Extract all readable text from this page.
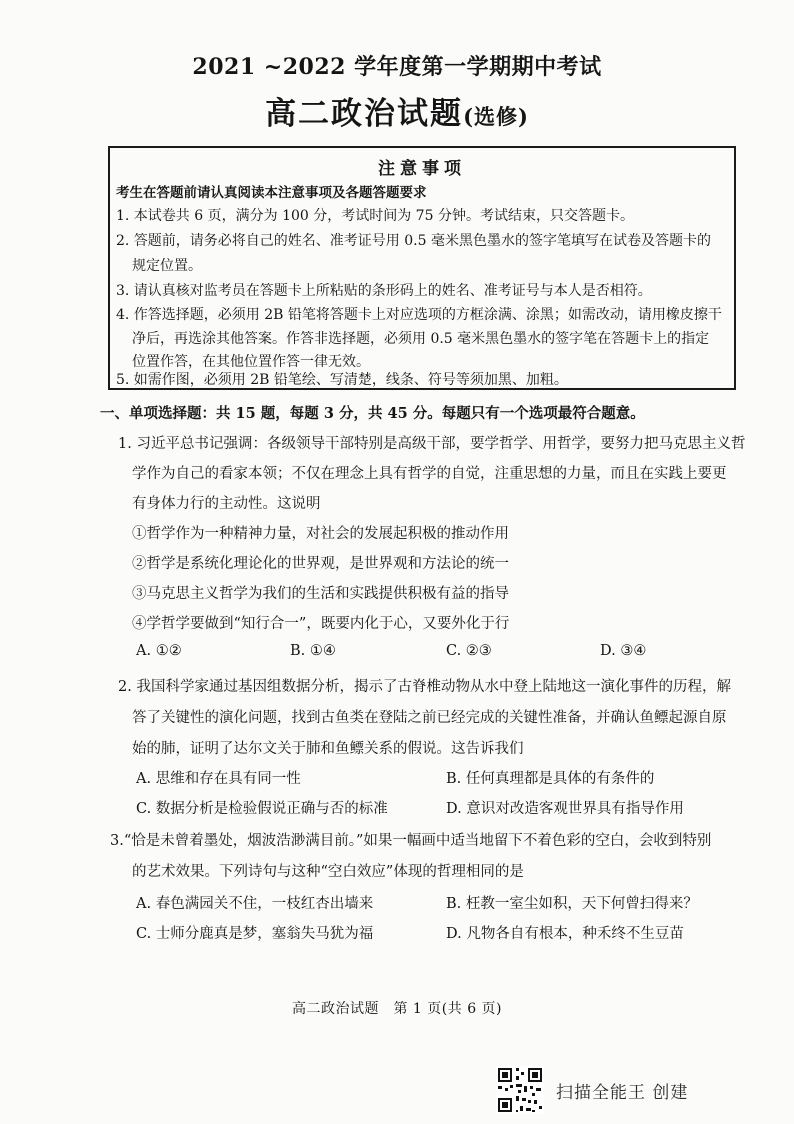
2021 ~2022 学年度第一学期期中考试
高二政治试题(选修)
注意事项
考生在答题前请认真阅读本注意事项及各题答题要求
1. 本试卷共 6 页，满分为 100 分，考试时间为 75 分钟。考试结束，只交答题卡。
2. 答题前，请务必将自己的姓名、准考证号用 0.5 毫米黑色墨水的签字笔填写在试卷及答题卡的
规定位置。
3. 请认真核对监考员在答题卡上所粘贴的条形码上的姓名、准考证号与本人是否相符。
4. 作答选择题，必须用 2B 铅笔将答题卡上对应选项的方框涂满、涂黑；如需改动，请用橡皮擦干
净后，再选涂其他答案。作答非选择题，必须用 0.5 毫米黑色墨水的签字笔在答题卡上的指定
位置作答，在其他位置作答一律无效。
5. 如需作图，必须用 2B 铅笔绘、写清楚，线条、符号等须加黑、加粗。
一、单项选择题：共 15 题，每题 3 分，共 45 分。每题只有一个选项最符合题意。
1. 习近平总书记强调：各级领导干部特别是高级干部，要学哲学、用哲学，要努力把马克思主义哲
学作为自己的看家本领；不仅在理念上具有哲学的自觉，注重思想的力量，而且在实践上要更
有身体力行的主动性。这说明
①哲学作为一种精神力量，对社会的发展起积极的推动作用
②哲学是系统化理论化的世界观，是世界观和方法论的统一
③马克思主义哲学为我们的生活和实践提供积极有益的指导
④学哲学要做到“知行合一”，既要内化于心，又要外化于行
A. ①②	B. ①④	C. ②③	D. ③④
2. 我国科学家通过基因组数据分析，揭示了古脊椎动物从水中登上陆地这一演化事件的历程，解
答了关键性的演化问题，找到古鱼类在登陆之前已经完成的关键性准备，并确认鱼鳔起源自原
始的肺，证明了达尔文关于肺和鱼鳔关系的假说。这告诉我们
A. 思维和存在具有同一性	B. 任何真理都是具体的有条件的
C. 数据分析是检验假说正确与否的标准	D. 意识对改造客观世界具有指导作用
3.“恰是未曾着墨处，烟波浩渺满目前。”如果一幅画中适当地留下不着色彩的空白，会收到特别
的艺术效果。下列诗句与这种“空白效应”体现的哲理相同的是
A. 春色满园关不住，一枝红杏出墙来	B. 枉教一室尘如积，天下何曾扫得来？
C. 士师分鹿真是梦，塞翁失马犹为福	D. 凡物各自有根本，种禾终不生豆苗
高二政治试题　第 1 页(共 6 页)
扫描全能王 创建
